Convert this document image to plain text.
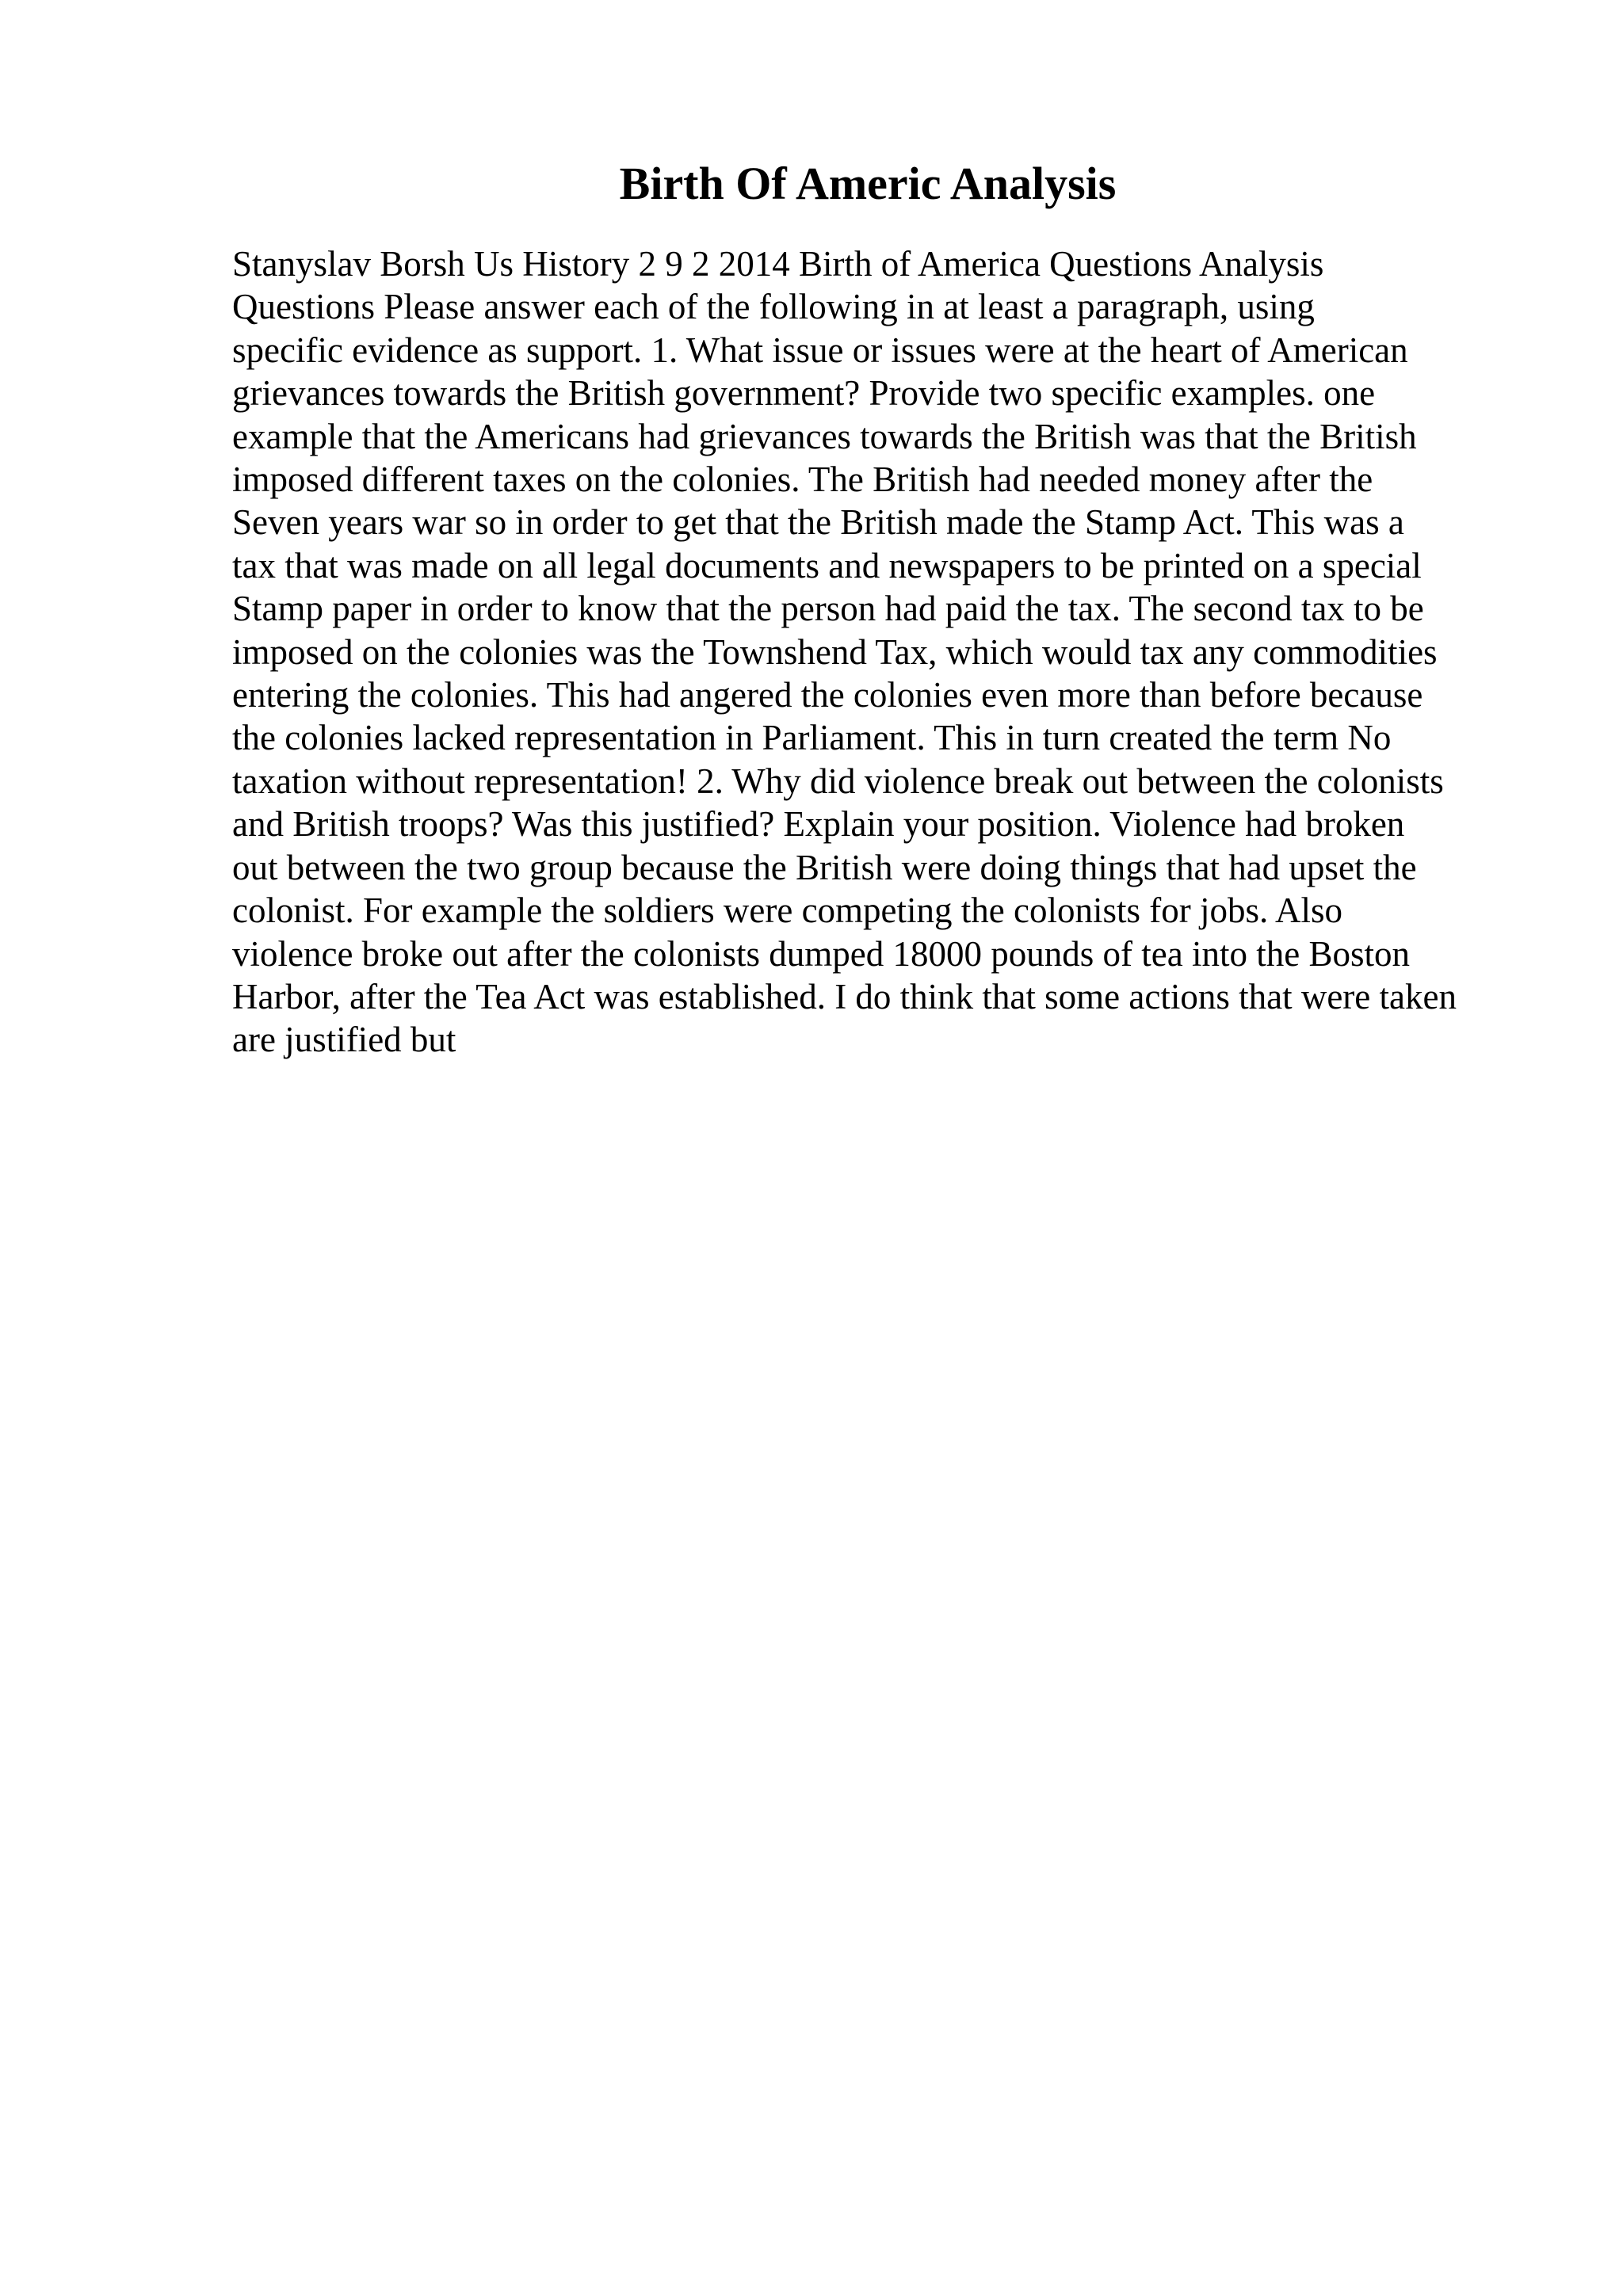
Birth Of Americ Analysis
Stanyslav Borsh Us History 2 9 2 2014 Birth of America Questions Analysis
Questions Please answer each of the following in at least a paragraph, using
specific evidence as support. 1. What issue or issues were at the heart of American
grievances towards the British government? Provide two specific examples. one
example that the Americans had grievances towards the British was that the British
imposed different taxes on the colonies. The British had needed money after the
Seven years war so in order to get that the British made the Stamp Act. This was a
tax that was made on all legal documents and newspapers to be printed on a special
Stamp paper in order to know that the person had paid the tax. The second tax to be
imposed on the colonies was the Townshend Tax, which would tax any commodities
entering the colonies. This had angered the colonies even more than before because
the colonies lacked representation in Parliament. This in turn created the term No
taxation without representation! 2. Why did violence break out between the colonists
and British troops? Was this justified? Explain your position. Violence had broken
out between the two group because the British were doing things that had upset the
colonist. For example the soldiers were competing the colonists for jobs. Also
violence broke out after the colonists dumped 18000 pounds of tea into the Boston
Harbor, after the Tea Act was established. I do think that some actions that were taken
are justified but
